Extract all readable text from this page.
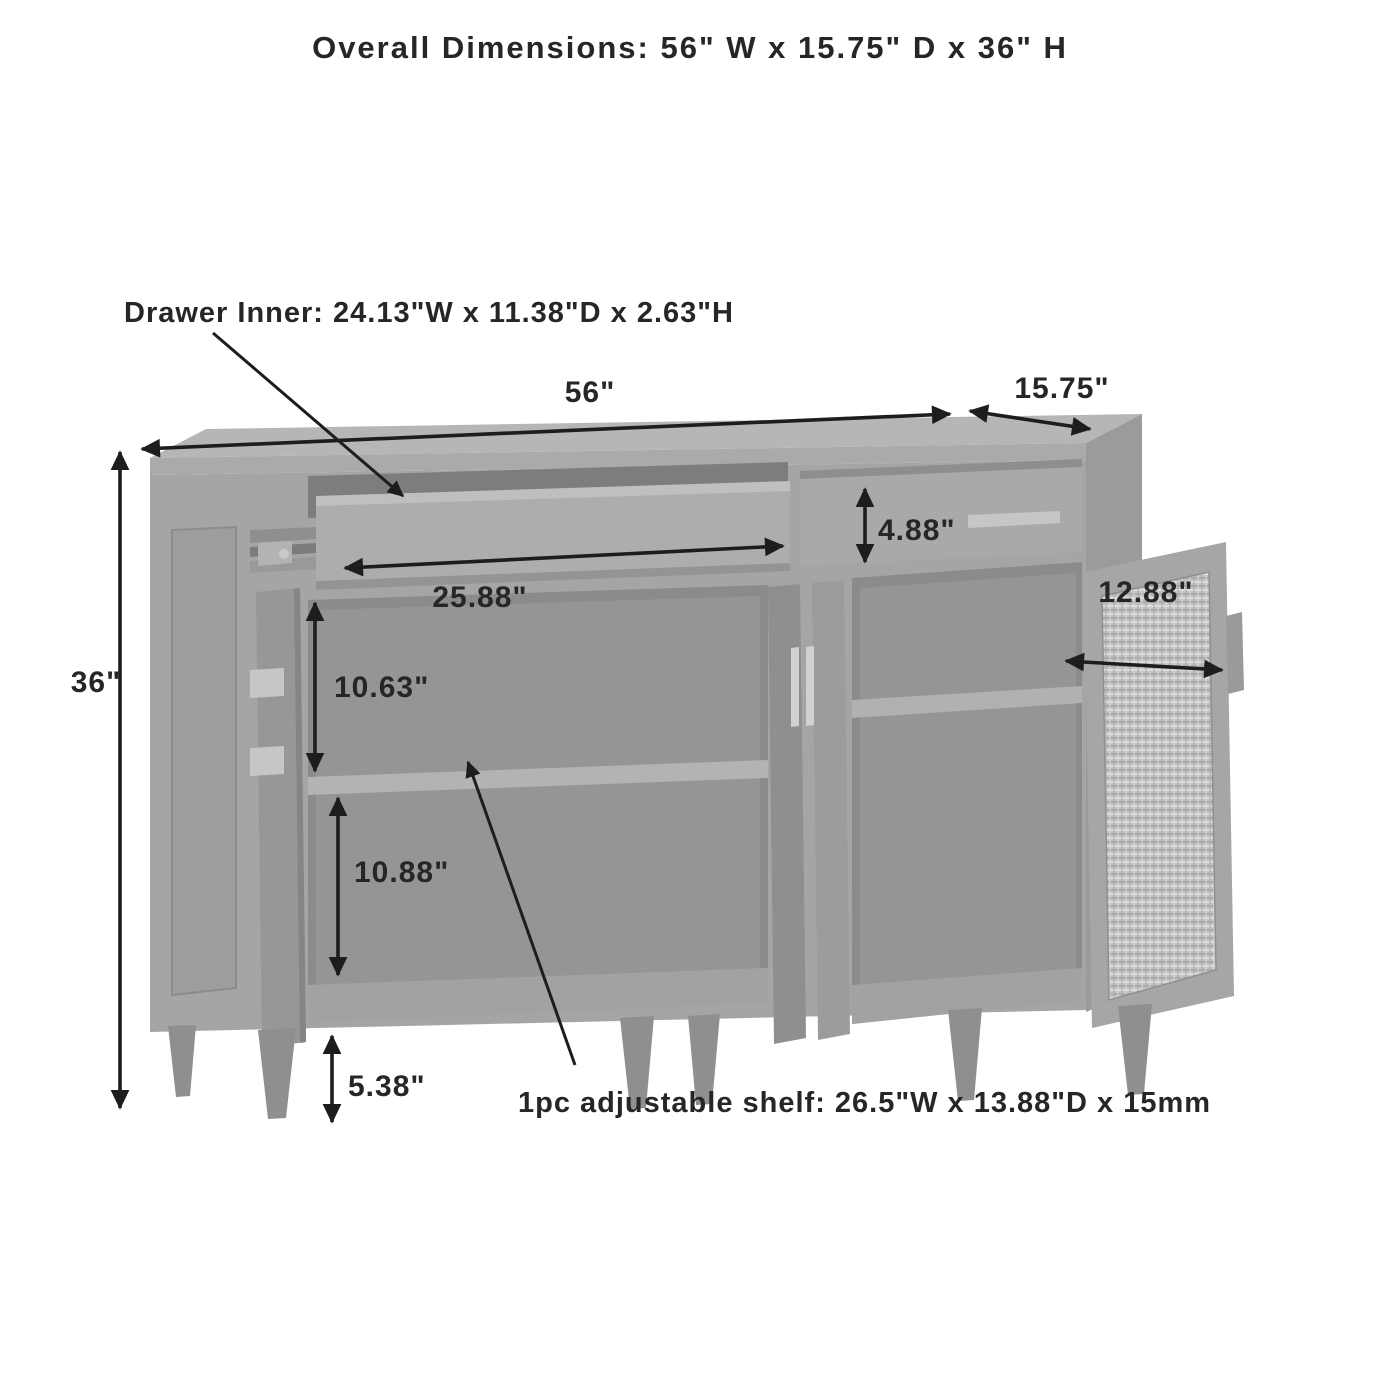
Overall Dimensions: 56" W x 15.75" D x 36" H
Drawer Inner: 24.13"W x 11.38"D x 2.63"H
1pc adjustable shelf: 26.5"W x 13.88"D x 15mm
56"	15.75"
36"
25.88"
4.88"
12.88"
10.63"
10.88"
5.38"
